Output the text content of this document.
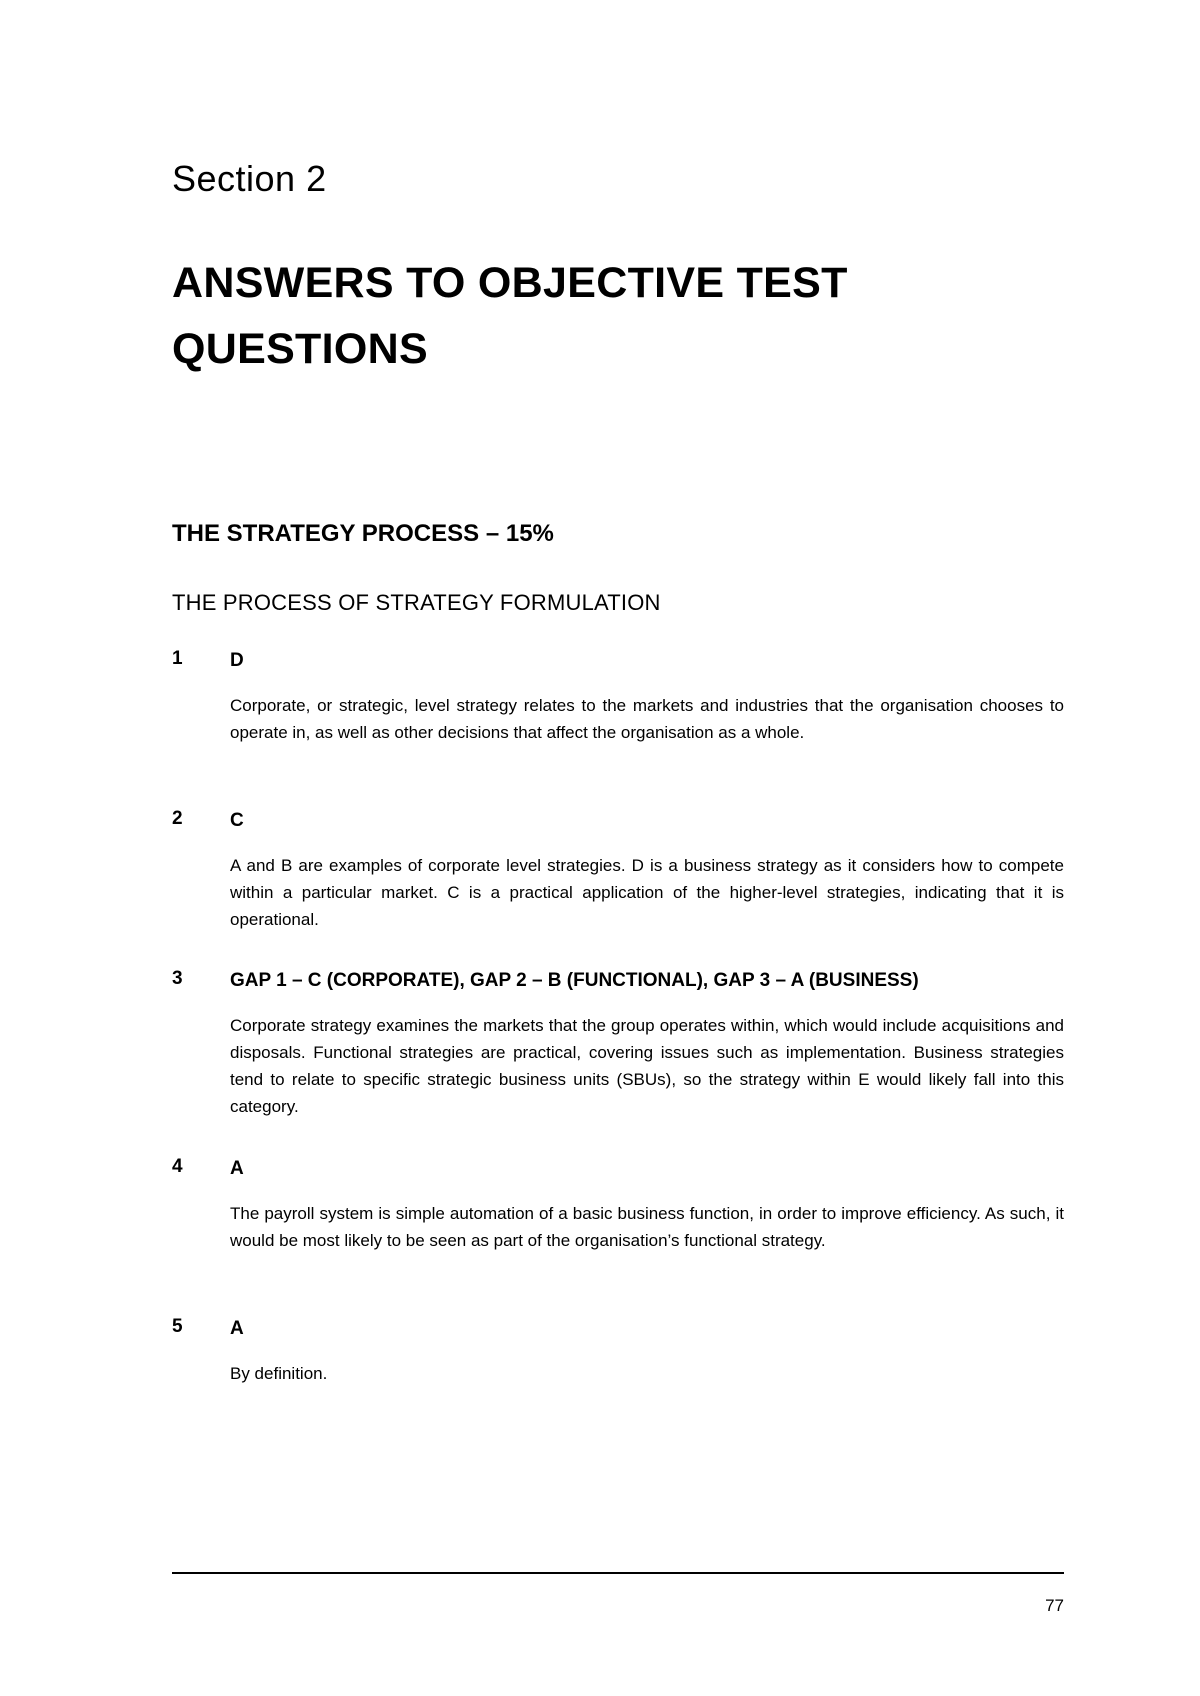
Section 2
ANSWERS TO OBJECTIVE TEST
QUESTIONS
THE STRATEGY PROCESS – 15%
THE PROCESS OF STRATEGY FORMULATION
1	D
Corporate, or strategic, level strategy relates to the markets and industries that the organisation chooses to operate in, as well as other decisions that affect the organisation as a whole.
2	C
A and B are examples of corporate level strategies. D is a business strategy as it considers how to compete within a particular market. C is a practical application of the higher-level strategies, indicating that it is operational.
3	GAP 1 – C (CORPORATE), GAP 2 – B (FUNCTIONAL), GAP 3 – A (BUSINESS)
Corporate strategy examines the markets that the group operates within, which would include acquisitions and disposals. Functional strategies are practical, covering issues such as implementation. Business strategies tend to relate to specific strategic business units (SBUs), so the strategy within E would likely fall into this category.
4	A
The payroll system is simple automation of a basic business function, in order to improve efficiency. As such, it would be most likely to be seen as part of the organisation’s functional strategy.
5	A
By definition.
77
